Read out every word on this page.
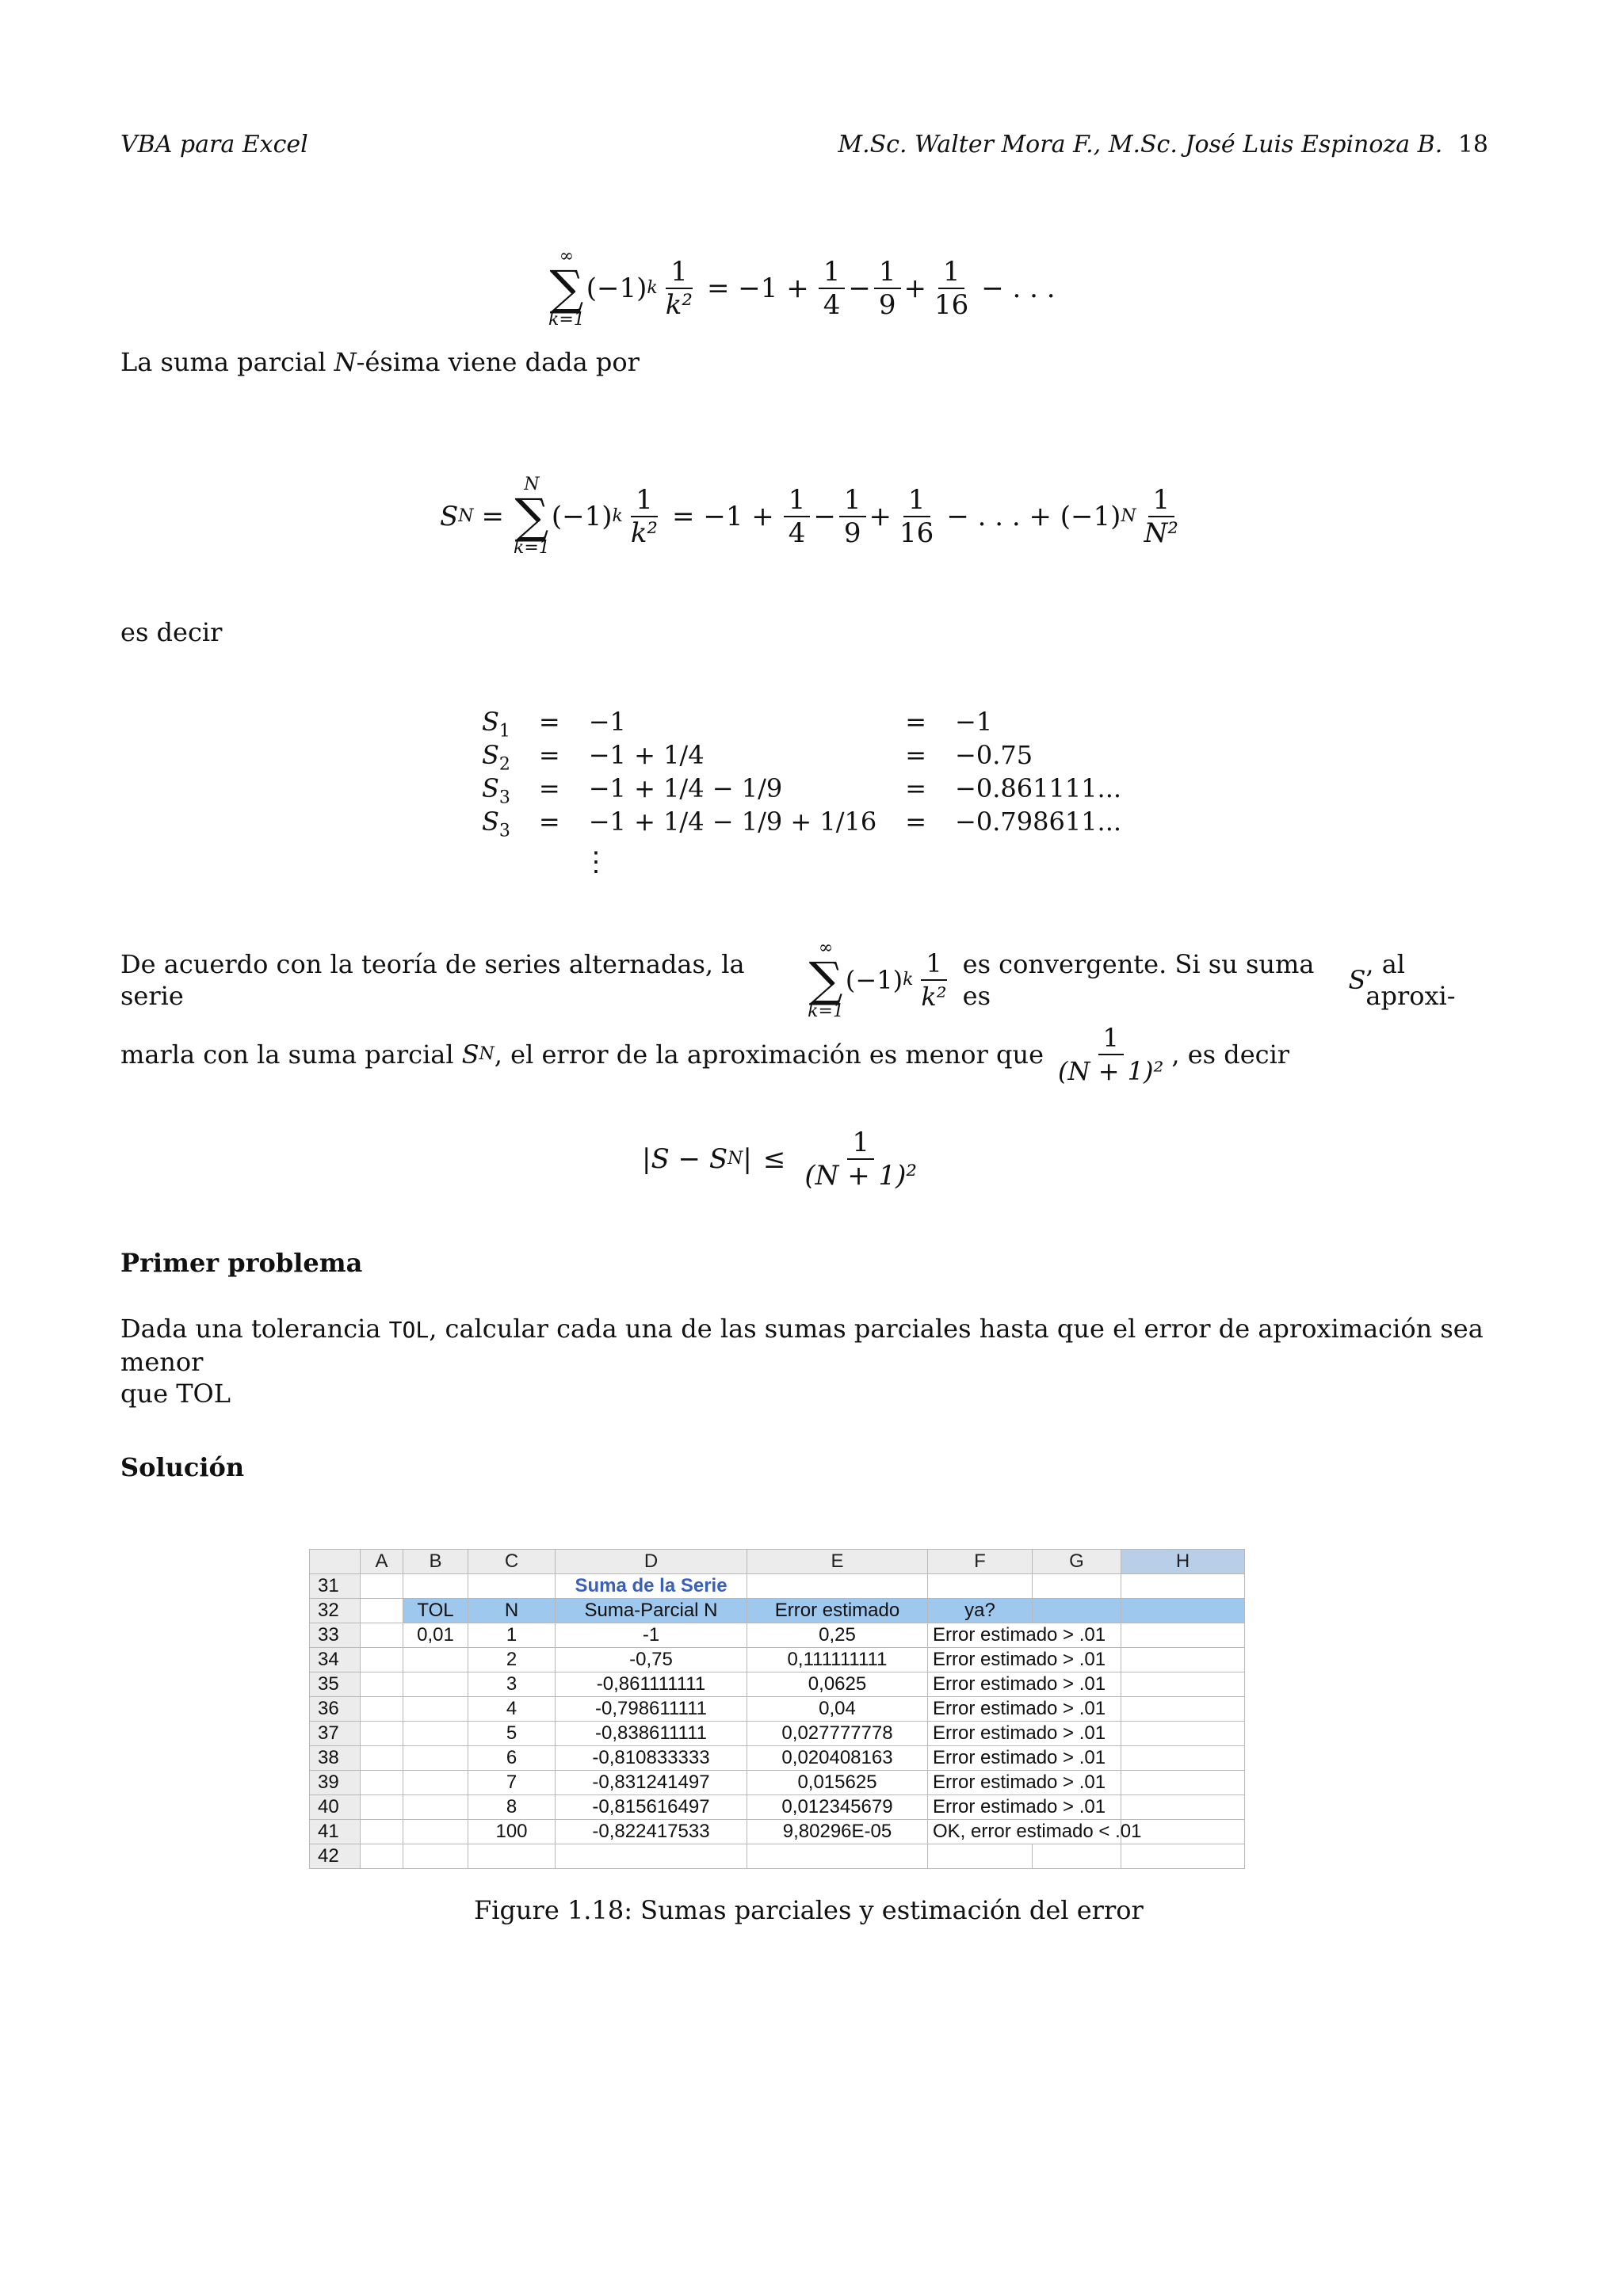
VBA para Excel	M.Sc. Walter Mora F., M.Sc. José Luis Espinoza B. 18
∞
∑
k=1
(−1) k $\frac{1}{\text{k²}} = -1 + \frac{1}{4} - \frac{1}{9} + \frac{1}{16}$ − . . .
La suma parcial N-ésima viene dada por
S N =
N
∑
k=1
(−1) k $\frac{1}{\text{k²}} = -1 + \frac{1}{4} - \frac{1}{9} + \frac{1}{16}$ − . . . + (−1) N $\frac{1}{\text{N²}}$
es decir
$S_1$	=	−1	=	−1
$S_2$	=	−1 + 1/4	=	−0.75
$S_3$	=	−1 + 1/4 − 1/9	=	−0.861111...
$S_3$	=	−1 + 1/4 − 1/9 + 1/16	=	−0.798611...
⋮
De acuerdo con la teoría de series alternadas, la serie
∞
∑
k=1
(−1) k $\frac{1}{\text{k²}}$ es convergente. Si su suma es
S
, al aproxi-
marla con la suma parcial S N , el error de la aproximación es menor que $\frac{1}{\text{(N + 1)²}}$ , es decir
|S − S N | ≤ $\frac{1}{\text{(N + 1)²}}$
Primer problema
Dada una tolerancia TOL, calcular cada una de las sumas parciales hasta que el error de aproximación sea menor
que TOL
Solución
	A	B	C	D	E	F	G	H
31				Suma de la Serie				
32		TOL	N	Suma-Parcial N	Error estimado	ya?		
33		0,01	1	-1	0,25	Error estimado > .01		
34			2	-0,75	0,111111111	Error estimado > .01		
35			3	-0,861111111	0,0625	Error estimado > .01		
36			4	-0,798611111	0,04	Error estimado > .01		
37			5	-0,838611111	0,027777778	Error estimado > .01		
38			6	-0,810833333	0,020408163	Error estimado > .01		
39			7	-0,831241497	0,015625	Error estimado > .01		
40			8	-0,815616497	0,012345679	Error estimado > .01		
41			100	-0,822417533	9,80296E-05	OK, error estimado < .01		
42								
Figure 1.18: Sumas parciales y estimación del error
